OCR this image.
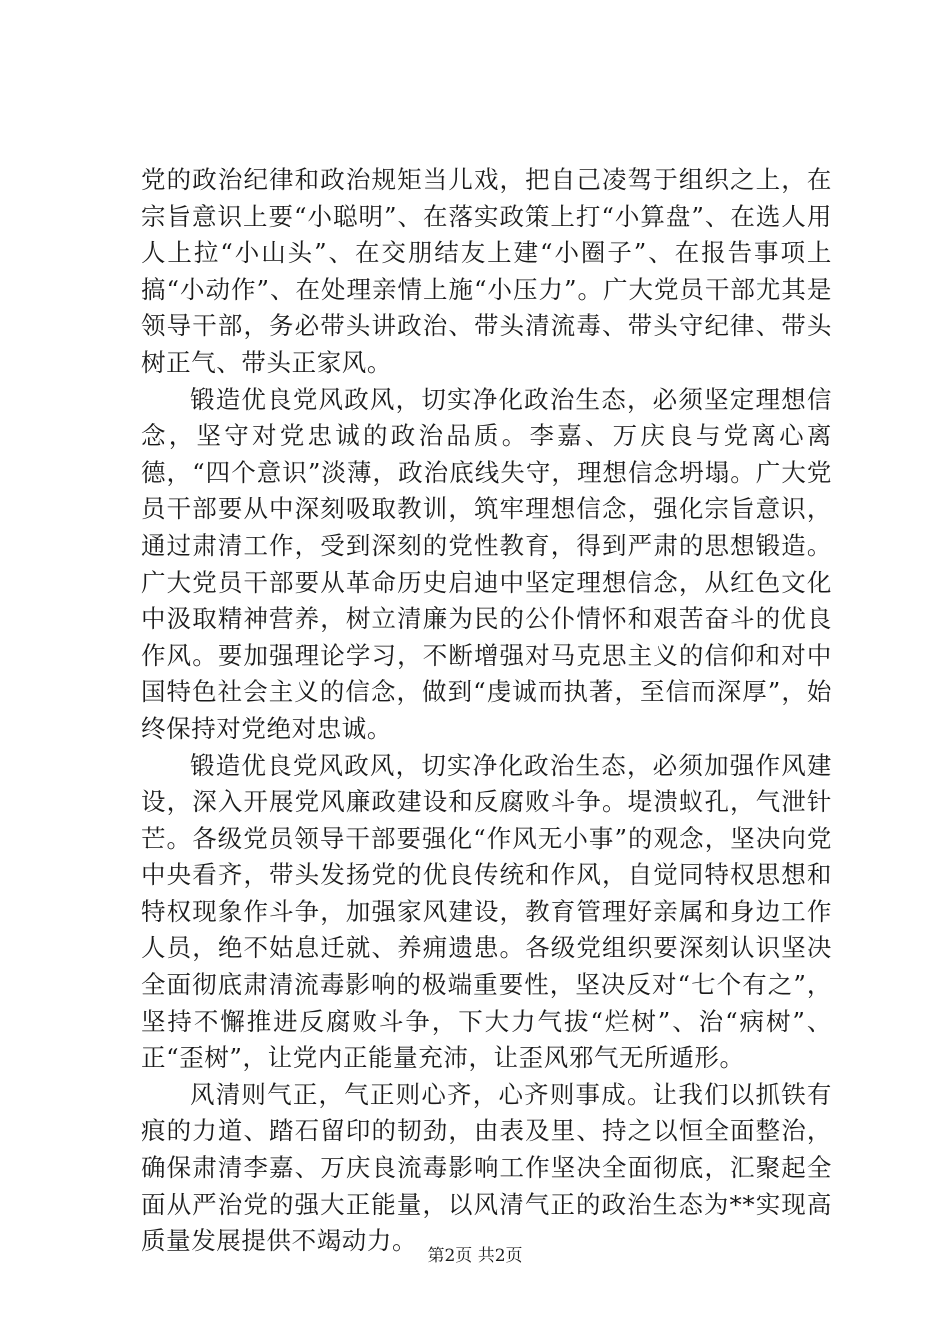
党的政治纪律和政治规矩当儿戏，把自己凌驾于组织之上，在宗旨意识上要“小聪明”、在落实政策上打“小算盘”、在选人用人上拉“小山头”、在交朋结友上建“小圈子”、在报告事项上搞“小动作”、在处理亲情上施“小压力”。广大党员干部尤其是领导干部，务必带头讲政治、带头清流毒、带头守纪律、带头树正气、带头正家风。

锻造优良党风政风，切实净化政治生态，必须坚定理想信念，坚守对党忠诚的政治品质。李嘉、万庆良与党离心离德，“四个意识”淡薄，政治底线失守，理想信念坍塌。广大党员干部要从中深刻吸取教训，筑牢理想信念，强化宗旨意识，通过肃清工作，受到深刻的党性教育，得到严肃的思想锻造。广大党员干部要从革命历史启迪中坚定理想信念，从红色文化中汲取精神营养，树立清廉为民的公仆情怀和艰苦奋斗的优良作风。要加强理论学习，不断增强对马克思主义的信仰和对中国特色社会主义的信念，做到“虔诚而执著，至信而深厚”，始终保持对党绝对忠诚。

锻造优良党风政风，切实净化政治生态，必须加强作风建设，深入开展党风廉政建设和反腐败斗争。堤溃蚁孔，气泄针芒。各级党员领导干部要强化“作风无小事”的观念，坚决向党中央看齐，带头发扬党的优良传统和作风，自觉同特权思想和特权现象作斗争，加强家风建设，教育管理好亲属和身边工作人员，绝不姑息迁就、养痈遗患。各级党组织要深刻认识坚决全面彻底肃清流毒影响的极端重要性，坚决反对“七个有之”，坚持不懈推进反腐败斗争，下大力气拔“烂树”、治“病树”、正“歪树”，让党内正能量充沛，让歪风邪气无所遁形。

风清则气正，气正则心齐，心齐则事成。让我们以抓铁有痕的力道、踏石留印的韧劲，由表及里、持之以恒全面整治，确保肃清李嘉、万庆良流毒影响工作坚决全面彻底，汇聚起全面从严治党的强大正能量，以风清气正的政治生态为**实现高质量发展提供不竭动力。

第2页 共2页
